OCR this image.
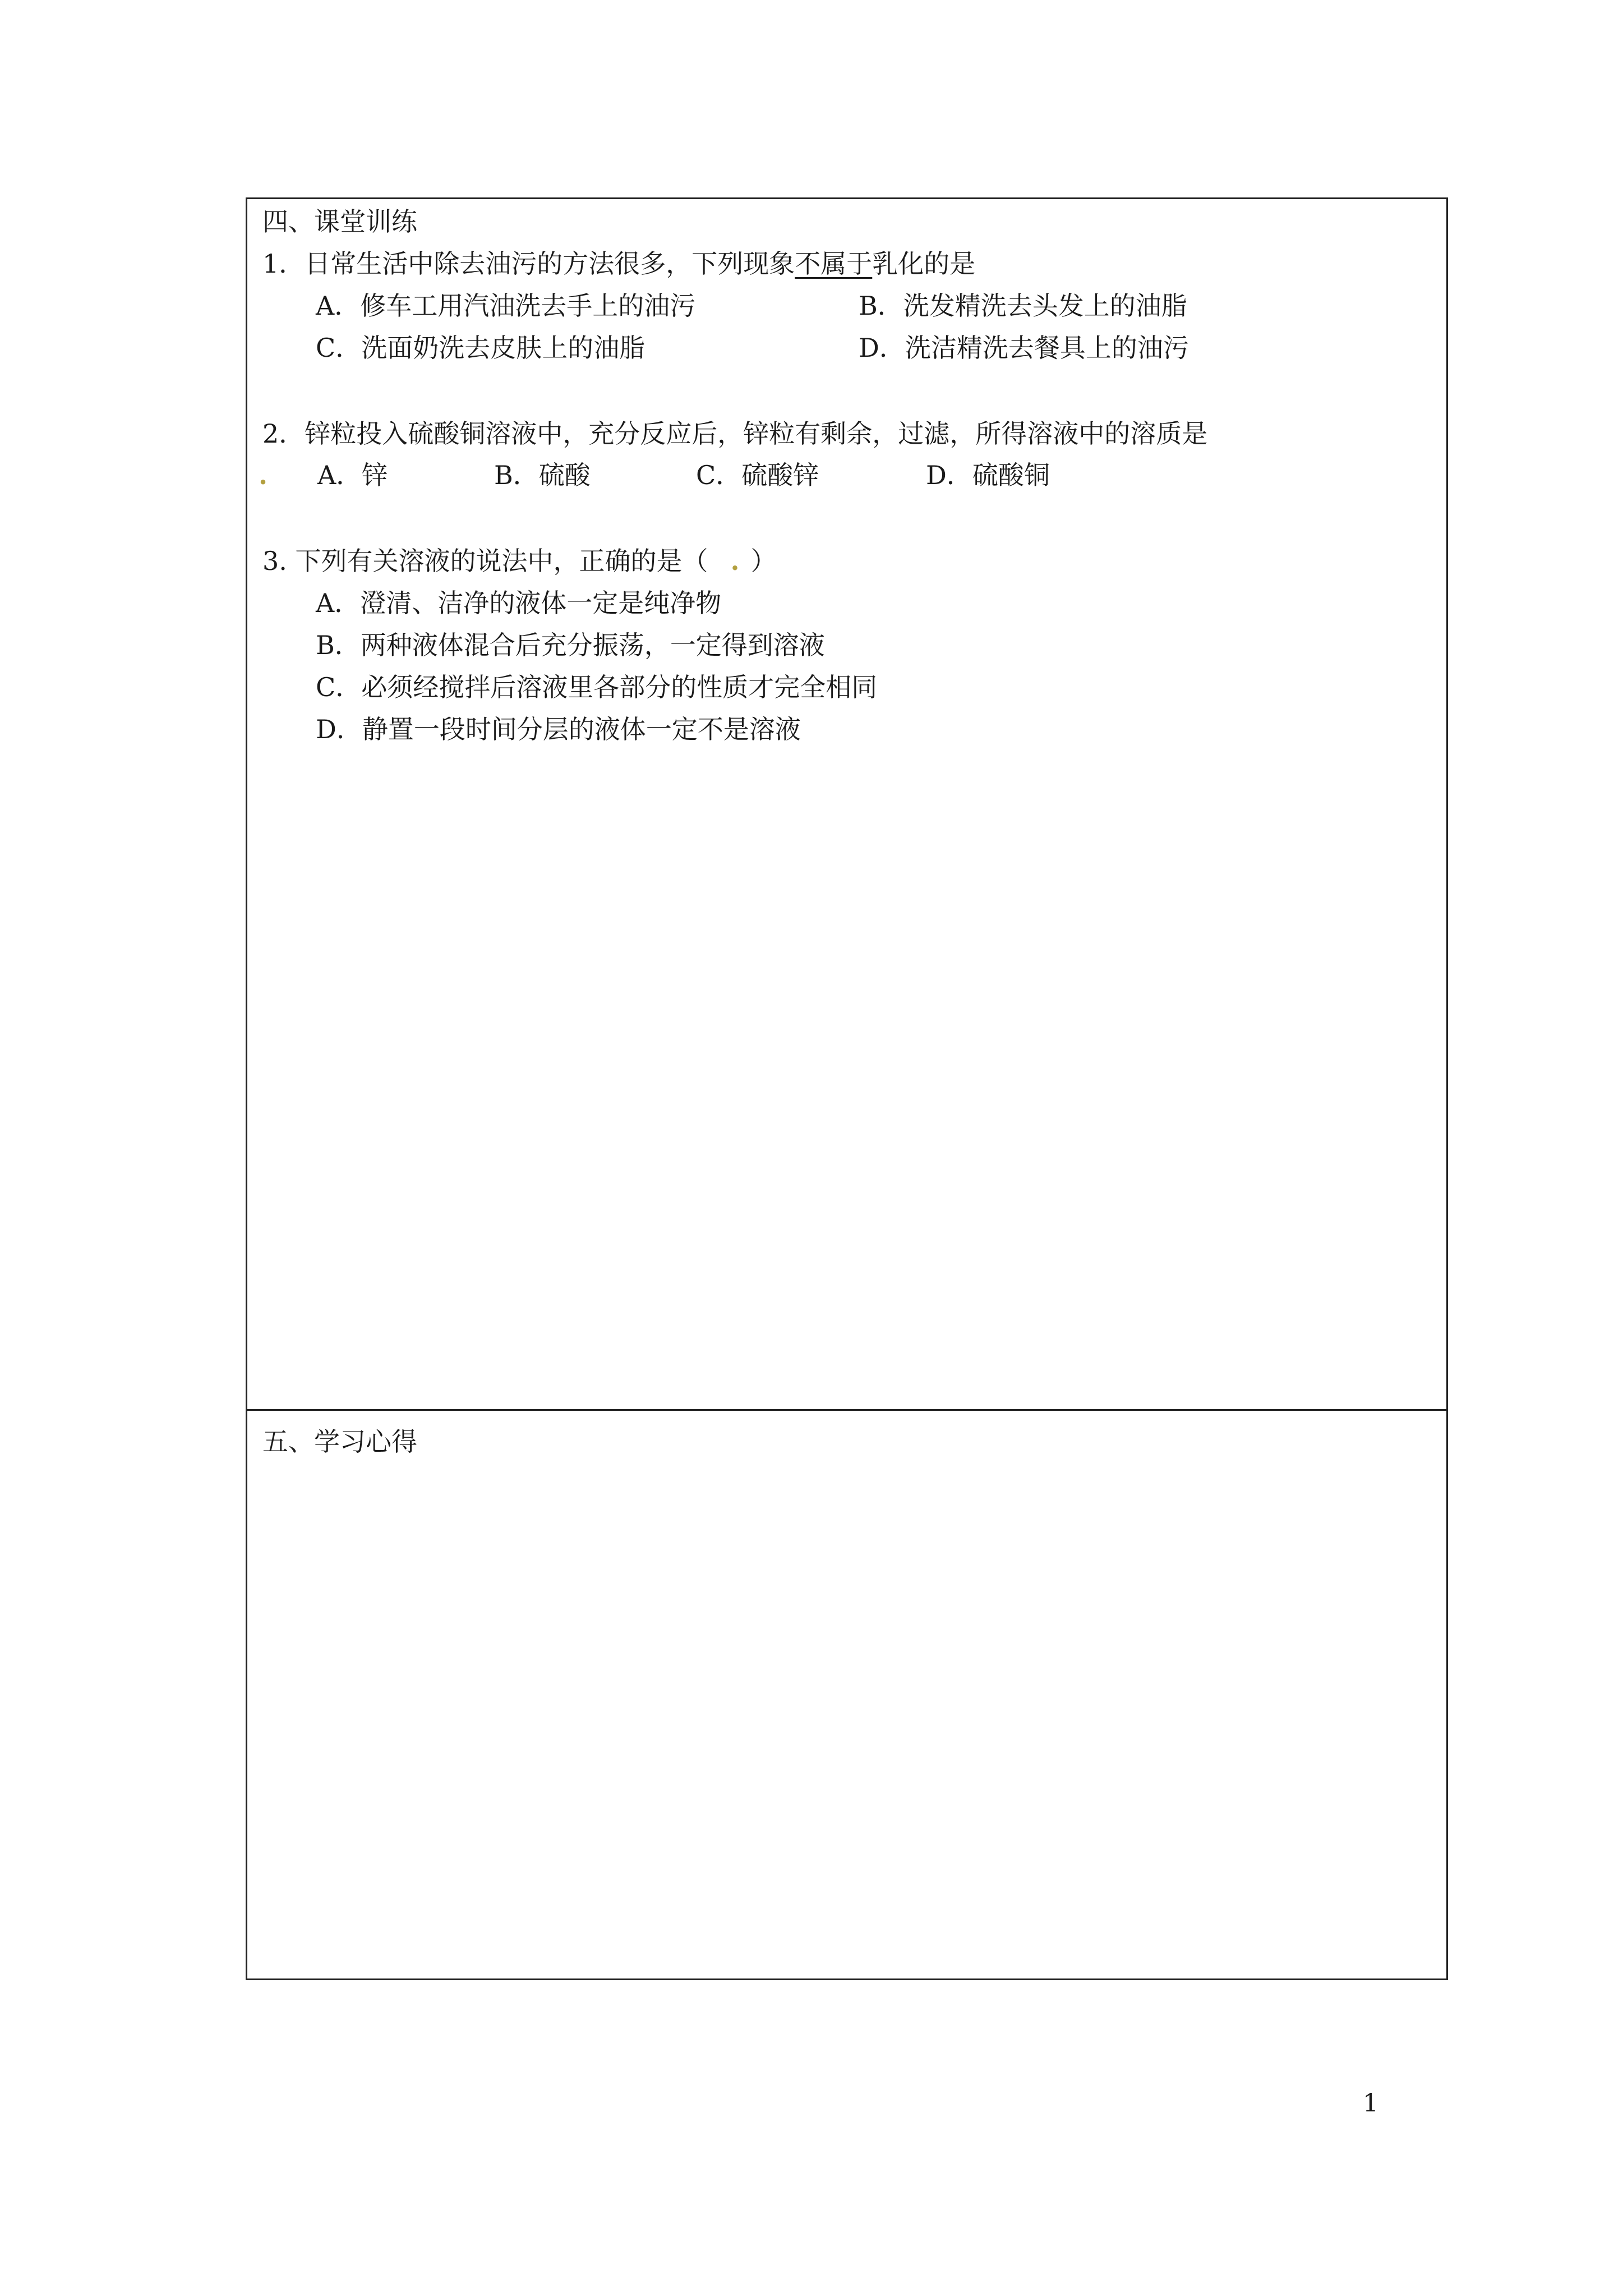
四、课堂训练
1．日常生活中除去油污的方法很多，下列现象不属于乳化的是
A．修车工用汽油洗去手上的油污	B．洗发精洗去头发上的油脂
C．洗面奶洗去皮肤上的油脂	D．洗洁精洗去餐具上的油污
2．锌粒投入硫酸铜溶液中，充分反应后，锌粒有剩余，过滤，所得溶液中的溶质是
. A．锌	B．硫酸	C．硫酸锌	D．硫酸铜
3. 下列有关溶液的说法中，正确的是（ . ）
A．澄清、洁净的液体一定是纯净物
B．两种液体混合后充分振荡，一定得到溶液
C．必须经搅拌后溶液里各部分的性质才完全相同
D．静置一段时间分层的液体一定不是溶液
五、学习心得
1
